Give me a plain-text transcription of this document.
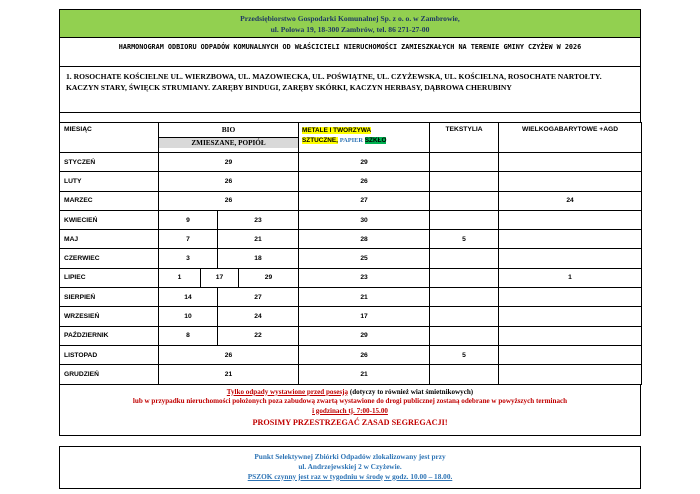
Przedsiębiorstwo Gospodarki Komunalnej Sp. z o. o. w Zambrowie,
ul. Polowa 19, 18-300 Zambrów, tel. 86 271-27-00
HARMONOGRAM ODBIORU ODPADÓW KOMUNALNYCH OD WŁAŚCICIELI NIERUCHOMOŚCI ZAMIESZKAŁYCH NA TERENIE GMINY CZYŻEW W 2026
1. ROSOCHATE KOŚCIELNE UL. WIERZBOWA, UL. MAZOWIECKA, UL. POŚWIĄTNE, UL. CZYŻEWSKA, UL. KOŚCIELNA, ROSOCHATE NARTOŁTY. KACZYN STARY, ŚWIĘCK STRUMIANY. ZARĘBY BINDUGI, ZARĘBY SKÓRKI, KACZYN HERBASY, DĄBROWA CHERUBINY
MIESIĄC	BIO
ZMIESZANE, POPIÓŁ				METALE I TWORZYWA
SZTUCZNE, PAPIER SZKŁO	TEKSTYLIA	WIELKOGABARYTOWE +AGD
STYCZEŃ	29				29		
LUTY	26				26		
MARZEC	26				27		24
KWIECIEŃ	9		23		30		
MAJ	7		21		28	5	
CZERWIEC	3		18		25		
LIPIEC	1	17		29	23		1
SIERPIEŃ	14		27		21		
WRZESIEŃ	10		24		17		
PAŹDZIERNIK	8		22		29		
LISTOPAD	26				26	5	
GRUDZIEŃ	21				21		
Tylko odpady wystawione przed posesją (dotyczy to również wiat śmietnikowych)
lub w przypadku nieruchomości położonych poza zabudową zwartą wystawione do drogi publicznej zostaną odebrane w powyższych terminach
i godzinach tj. 7:00-15.00
PROSIMY PRZESTRZEGAĆ ZASAD SEGREGACJI!
Punkt Selektywnej Zbiórki Odpadów zlokalizowany jest przy
ul. Andrzejewskiej 2 w Czyżewie.
PSZOK czynny jest raz w tygodniu w środę w godz. 10.00 – 18.00.
